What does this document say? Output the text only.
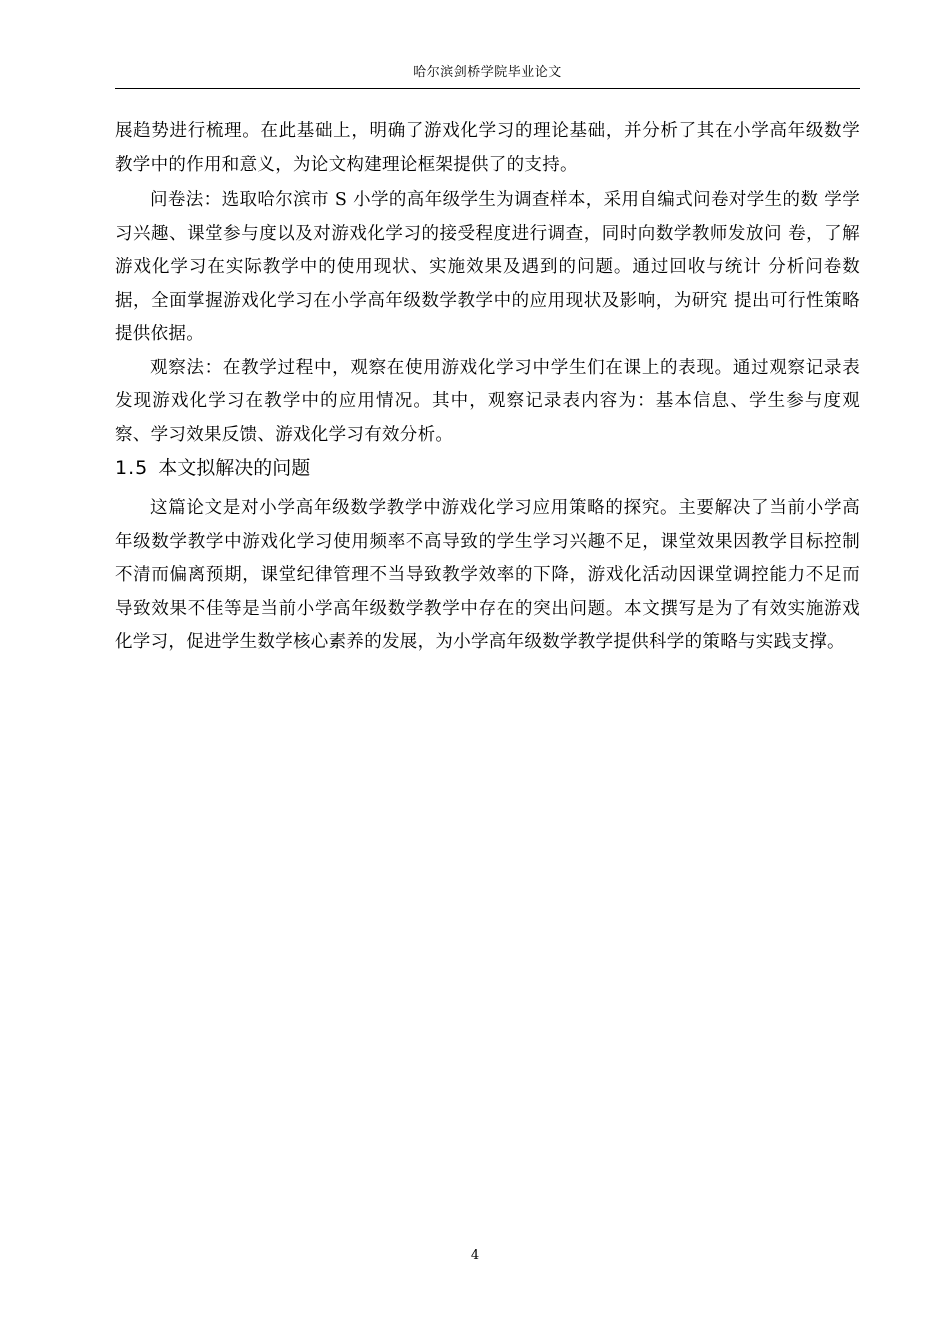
哈尔滨剑桥学院毕业论文

展趋势进行梳理。在此基础上，明确了游戏化学习的理论基础，并分析了其在小学高年级数学教学中的作用和意义，为论文构建理论框架提供了的支持。

问卷法：选取哈尔滨市 S 小学的高年级学生为调查样本，采用自编式问卷对学生的数 学学习兴趣、课堂参与度以及对游戏化学习的接受程度进行调查，同时向数学教师发放问 卷，了解游戏化学习在实际教学中的使用现状、实施效果及遇到的问题。通过回收与统计 分析问卷数据，全面掌握游戏化学习在小学高年级数学教学中的应用现状及影响，为研究 提出可行性策略提供依据。

观察法：在教学过程中，观察在使用游戏化学习中学生们在课上的表现。通过观察记录表发现游戏化学习在教学中的应用情况。其中，观察记录表内容为：基本信息、学生参与度观察、学习效果反馈、游戏化学习有效分析。

1.5 本文拟解决的问题

这篇论文是对小学高年级数学教学中游戏化学习应用策略的探究。主要解决了当前小学高年级数学教学中游戏化学习使用频率不高导致的学生学习兴趣不足，课堂效果因教学目标控制不清而偏离预期，课堂纪律管理不当导致教学效率的下降，游戏化活动因课堂调控能力不足而导致效果不佳等是当前小学高年级数学教学中存在的突出问题。本文撰写是为了有效实施游戏化学习，促进学生数学核心素养的发展，为小学高年级数学教学提供科学的策略与实践支撑。

4
